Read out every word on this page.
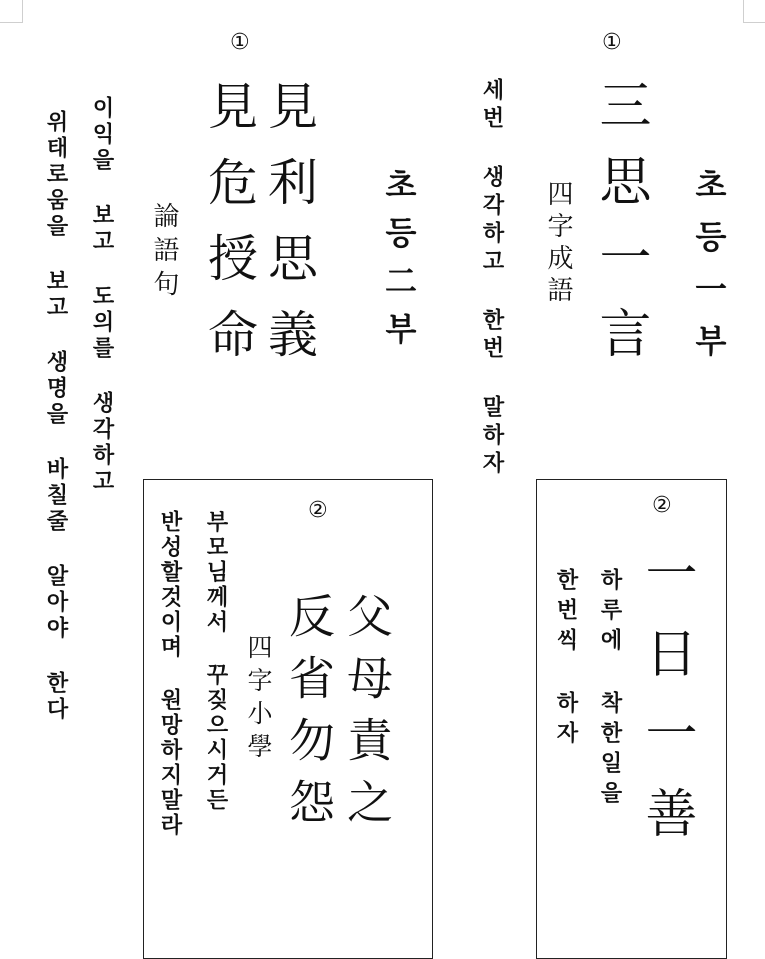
①
초등一부
三思一言
四字成語
세번 생각하고 한번 말하자
①
초등二부
見利思義
見危授命
論語句
이익을 보고 도의를 생각하고
위태로움을 보고 생명을 바칠줄 알아야 한다	②
父母責之
反省勿怨
四字小學
부모님께서 꾸짖으시거든
반성할것이며 원망하지말라
②
一日一善
하루에 착한일을
한번씩 하자
